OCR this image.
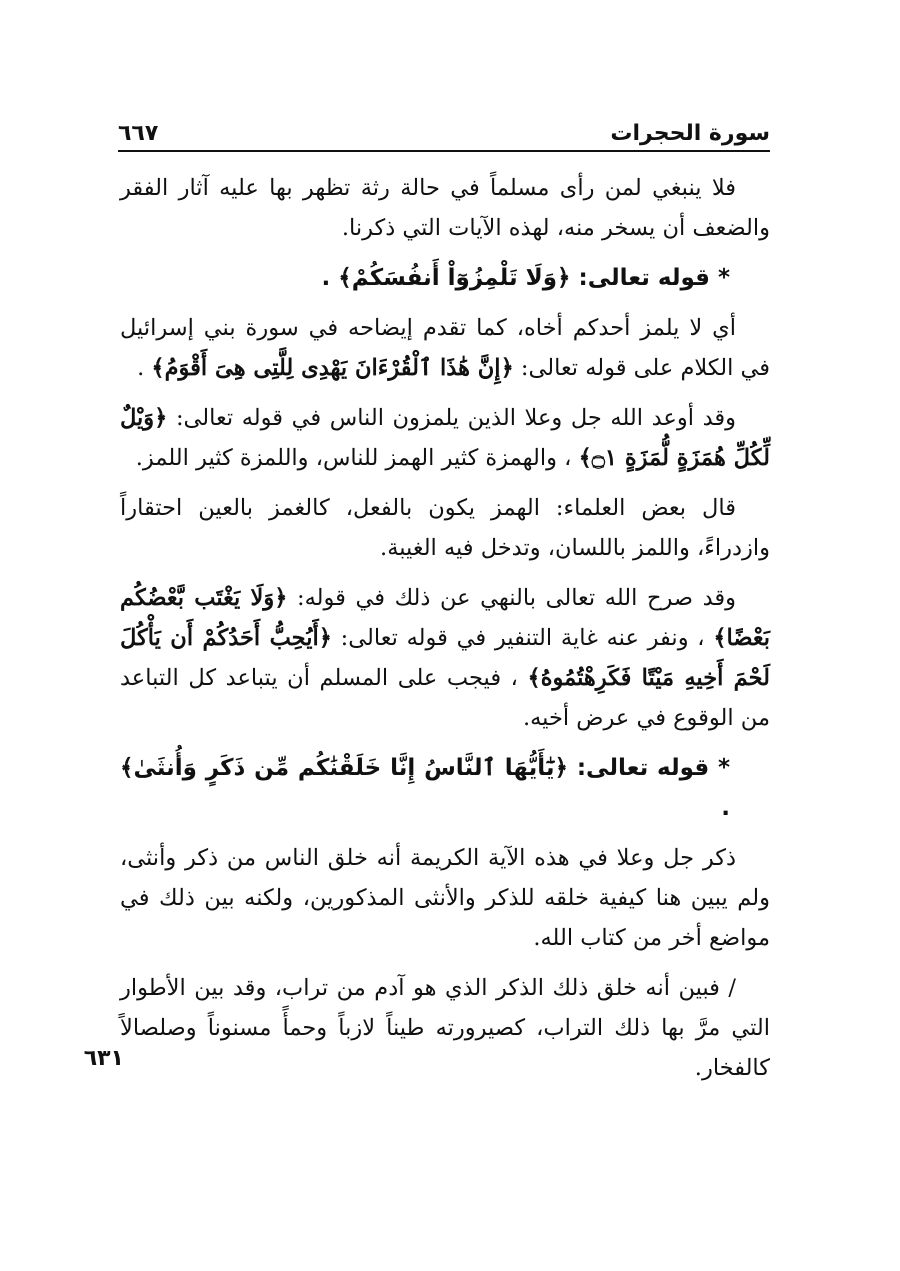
سورة الحجرات
٦٦٧

فلا ينبغي لمن رأى مسلماً في حالة رثة تظهر بها عليه آثار الفقر والضعف أن يسخر منه، لهذه الآيات التي ذكرنا.

* قوله تعالى: ﴿وَلَا تَلْمِزُوٓاْ أَنفُسَكُمْ﴾ .

أي لا يلمز أحدكم أخاه، كما تقدم إيضاحه في سورة بني إسرائيل في الكلام على قوله تعالى: ﴿إِنَّ هَٰذَا ٱلْقُرْءَانَ يَهْدِى لِلَّتِى هِىَ أَقْوَمُ﴾ .

وقد أوعد الله جل وعلا الذين يلمزون الناس في قوله تعالى: ﴿وَيْلٌ لِّكُلِّ هُمَزَةٍ لُّمَزَةٍ ۝١﴾ ، والهمزة كثير الهمز للناس، واللمزة كثير اللمز.

قال بعض العلماء: الهمز يكون بالفعل، كالغمز بالعين احتقاراً وازدراءً، واللمز باللسان، وتدخل فيه الغيبة.

وقد صرح الله تعالى بالنهي عن ذلك في قوله: ﴿وَلَا يَغْتَب بَّعْضُكُم بَعْضًا﴾ ، ونفر عنه غاية التنفير في قوله تعالى: ﴿أَيُحِبُّ أَحَدُكُمْ أَن يَأْكُلَ لَحْمَ أَخِيهِ مَيْتًا فَكَرِهْتُمُوهُ﴾ ، فيجب على المسلم أن يتباعد كل التباعد من الوقوع في عرض أخيه.

* قوله تعالى: ﴿يَٰٓأَيُّهَا ٱلنَّاسُ إِنَّا خَلَقْنَٰكُم مِّن ذَكَرٍ وَأُنثَىٰ﴾ .

ذكر جل وعلا في هذه الآية الكريمة أنه خلق الناس من ذكر وأنثى، ولم يبين هنا كيفية خلقه للذكر والأنثى المذكورين، ولكنه بين ذلك في مواضع أخر من كتاب الله.

/ فبين أنه خلق ذلك الذكر الذي هو آدم من تراب، وقد بين الأطوار التي مرَّ بها ذلك التراب، كصيرورته طيناً لازباً وحمأً مسنوناً وصلصالاً كالفخار.

٦٣١
